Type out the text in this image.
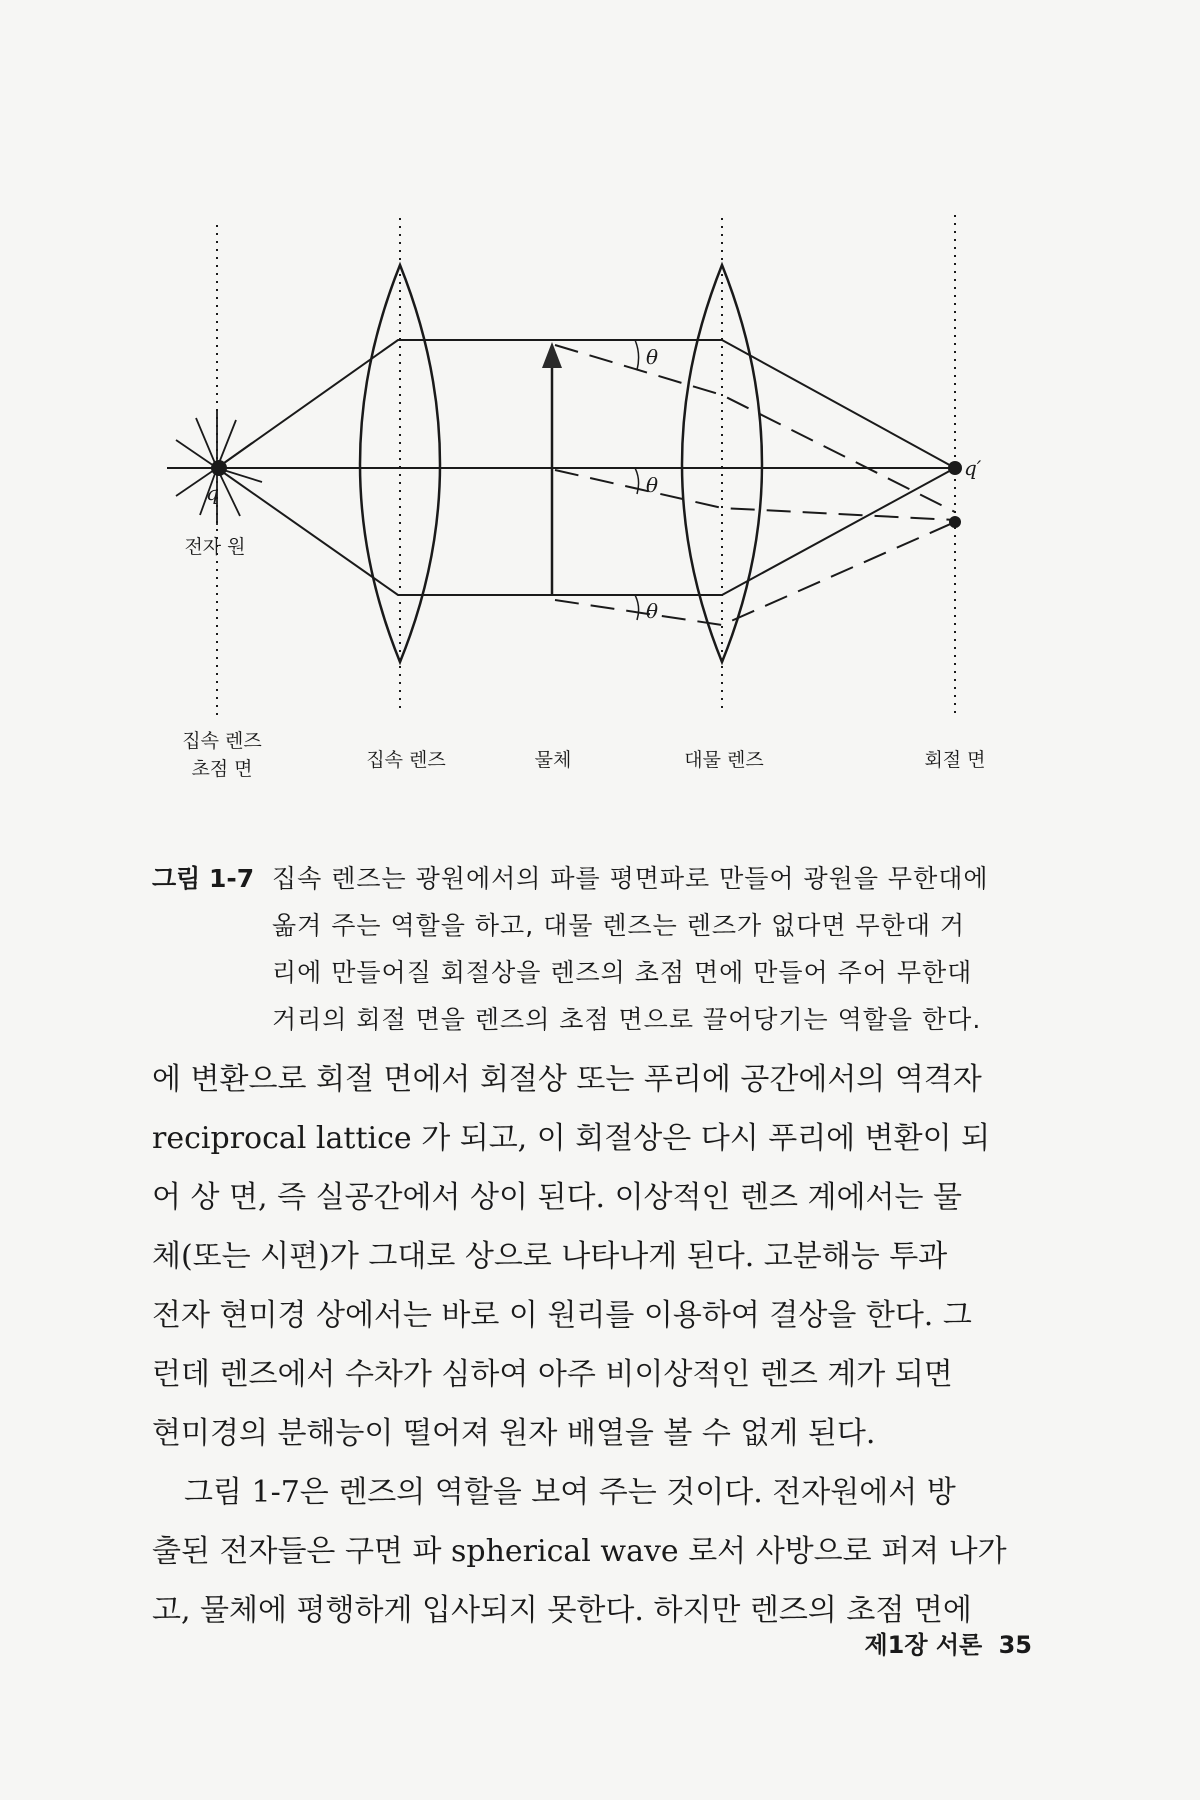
θ
θ
θ
q
q′
전자 원
집속 렌즈
초점 면	집속 렌즈	물체	대물 렌즈	회절 면
그림 1-7 집속 렌즈는 광원에서의 파를 평면파로 만들어 광원을 무한대에
옮겨 주는 역할을 하고, 대물 렌즈는 렌즈가 없다면 무한대 거
리에 만들어질 회절상을 렌즈의 초점 면에 만들어 주어 무한대
거리의 회절 면을 렌즈의 초점 면으로 끌어당기는 역할을 한다.
에 변환으로 회절 면에서 회절상 또는 푸리에 공간에서의 역격자
reciprocal lattice 가 되고, 이 회절상은 다시 푸리에 변환이 되
어 상 면, 즉 실공간에서 상이 된다. 이상적인 렌즈 계에서는 물
체(또는 시편)가 그대로 상으로 나타나게 된다. 고분해능 투과
전자 현미경 상에서는 바로 이 원리를 이용하여 결상을 한다. 그
런데 렌즈에서 수차가 심하여 아주 비이상적인 렌즈 계가 되면
현미경의 분해능이 떨어져 원자 배열을 볼 수 없게 된다.
그림 1-7은 렌즈의 역할을 보여 주는 것이다. 전자원에서 방
출된 전자들은 구면 파 spherical wave 로서 사방으로 퍼져 나가
고, 물체에 평행하게 입사되지 못한다. 하지만 렌즈의 초점 면에
제1장 서론 35
